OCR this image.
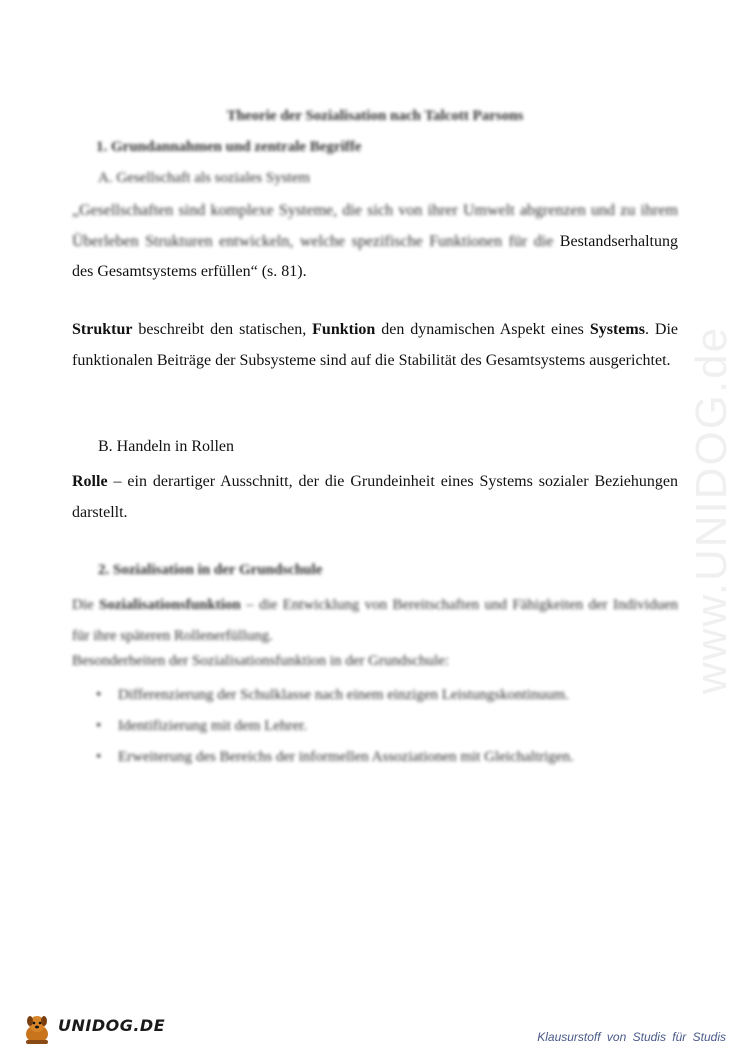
www.UNIDOG.de
Theorie der Sozialisation nach Talcott Parsons
1. Grundannahmen und zentrale Begriffe
A. Gesellschaft als soziales System
„Gesellschaften sind komplexe Systeme, die sich von ihrer Umwelt abgrenzen und zu ihrem Überleben Strukturen entwickeln, welche spezifische Funktionen für die Bestandserhaltung des Gesamtsystems erfüllen“ (s. 81).
Struktur beschreibt den statischen, Funktion den dynamischen Aspekt eines Systems. Die funktionalen Beiträge der Subsysteme sind auf die Stabilität des Gesamtsystems ausgerichtet.
B. Handeln in Rollen
Rolle – ein derartiger Ausschnitt, der die Grundeinheit eines Systems sozialer Beziehungen darstellt.
2. Sozialisation in der Grundschule
Die Sozialisationsfunktion – die Entwicklung von Bereitschaften und Fähigkeiten der Individuen für ihre späteren Rollenerfüllung.
Besonderheiten der Sozialisationsfunktion in der Grundschule:
• Differenzierung der Schulklasse nach einem einzigen Leistungskontinuum.
• Identifizierung mit dem Lehrer.
• Erweiterung des Bereichs der informellen Assoziationen mit Gleichaltrigen.
UNIDOG.DE
Klausurstoff von Studis für Studis
